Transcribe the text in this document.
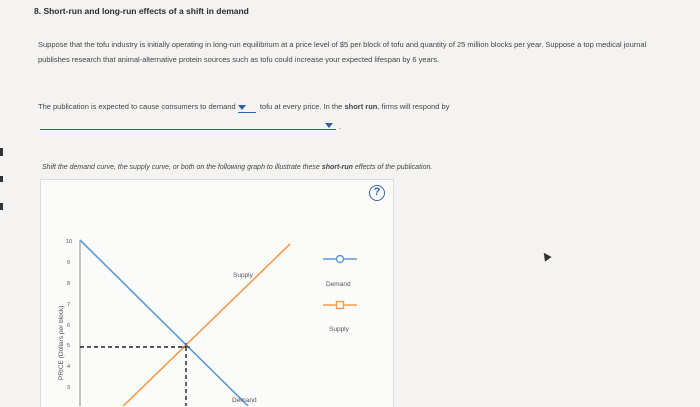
8. Short-run and long-run effects of a shift in demand
Suppose that the tofu industry is initially operating in long-run equilibrium at a price level of $5 per block of tofu and quantity of 25 million blocks per year. Suppose a top medical journal publishes research that animal-alternative protein sources such as tofu could increase your expected lifespan by 6 years.
The publication is expected to cause consumers to demand	tofu at every price. In the short run, firms will respond by
.
Shift the demand curve, the supply curve, or both on the following graph to illustrate these short-run effects of the publication.
?
PRICE (Dollars per block)
10
9
8
7
6
5
4
3
Supply
Demand
Demand
Supply
